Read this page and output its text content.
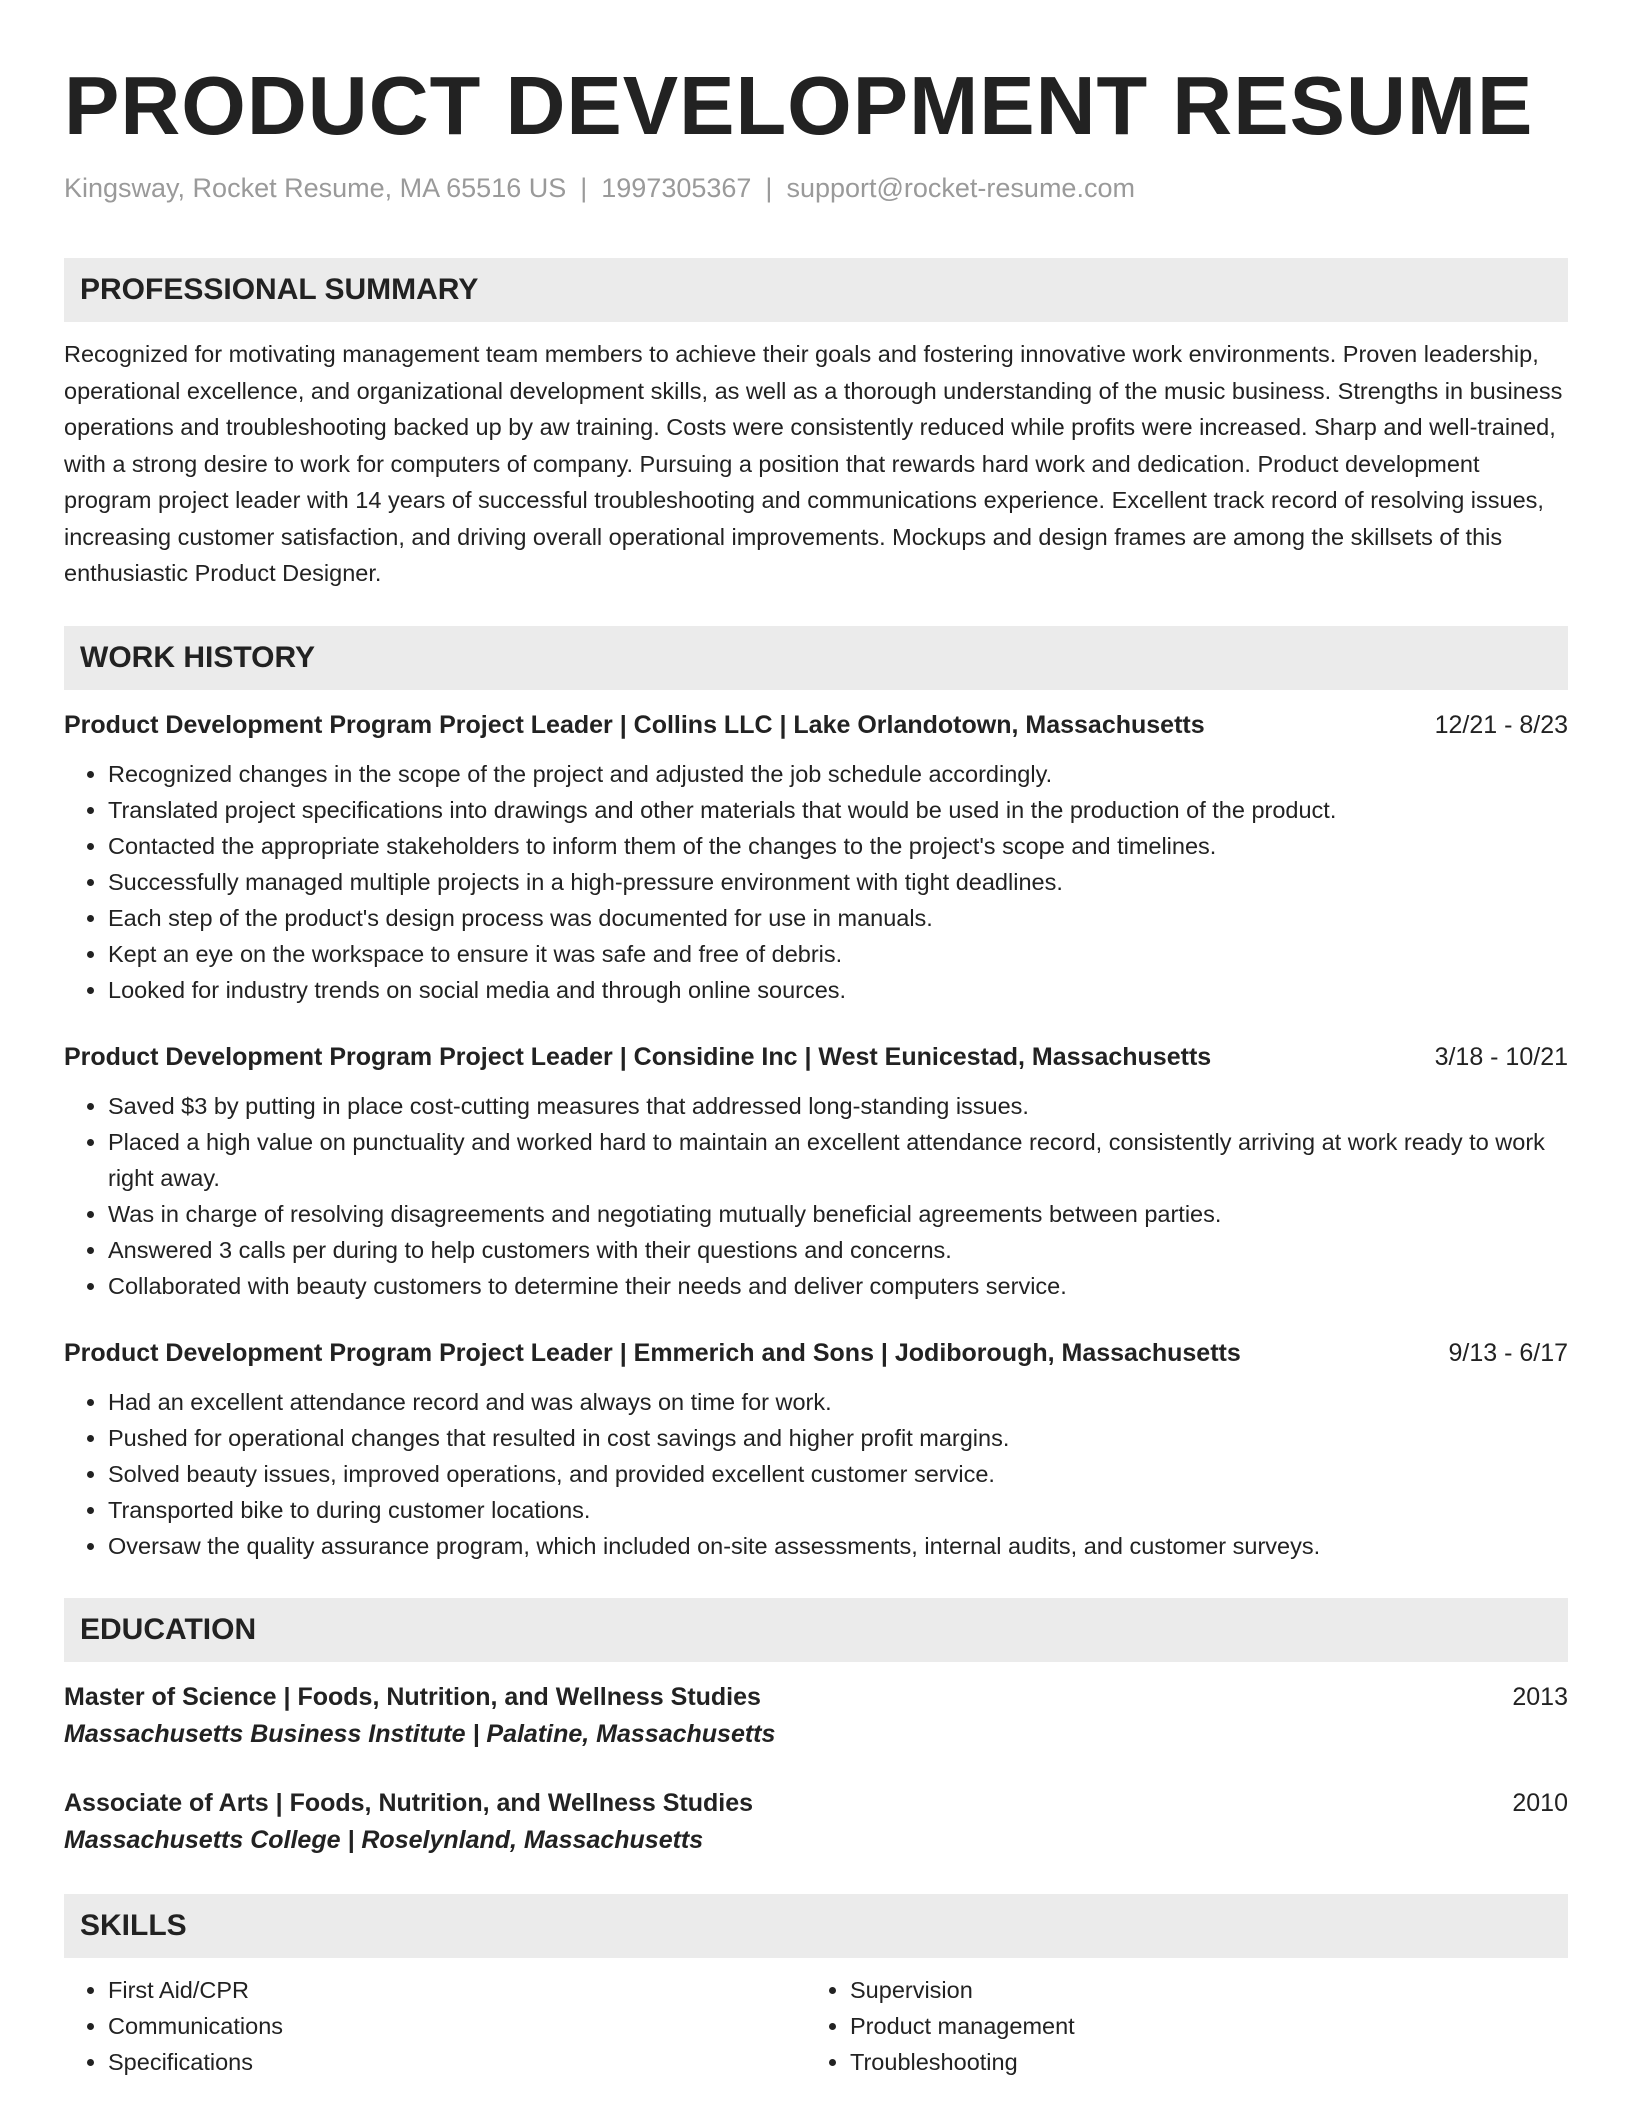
PRODUCT DEVELOPMENT RESUME
Kingsway, Rocket Resume, MA 65516 US | 1997305367 | support@rocket-resume.com
PROFESSIONAL SUMMARY
Recognized for motivating management team members to achieve their goals and fostering innovative work environments. Proven leadership, operational excellence, and organizational development skills, as well as a thorough understanding of the music business. Strengths in business operations and troubleshooting backed up by aw training. Costs were consistently reduced while profits were increased. Sharp and well-trained, with a strong desire to work for computers of company. Pursuing a position that rewards hard work and dedication. Product development program project leader with 14 years of successful troubleshooting and communications experience. Excellent track record of resolving issues, increasing customer satisfaction, and driving overall operational improvements. Mockups and design frames are among the skillsets of this enthusiastic Product Designer.
WORK HISTORY
Product Development Program Project Leader | Collins LLC | Lake Orlandotown, Massachusetts	12/21 - 8/23
• Recognized changes in the scope of the project and adjusted the job schedule accordingly.
• Translated project specifications into drawings and other materials that would be used in the production of the product.
• Contacted the appropriate stakeholders to inform them of the changes to the project's scope and timelines.
• Successfully managed multiple projects in a high-pressure environment with tight deadlines.
• Each step of the product's design process was documented for use in manuals.
• Kept an eye on the workspace to ensure it was safe and free of debris.
• Looked for industry trends on social media and through online sources.
Product Development Program Project Leader | Considine Inc | West Eunicestad, Massachusetts	3/18 - 10/21
• Saved $3 by putting in place cost-cutting measures that addressed long-standing issues.
• Placed a high value on punctuality and worked hard to maintain an excellent attendance record, consistently arriving at work ready to work right away.
• Was in charge of resolving disagreements and negotiating mutually beneficial agreements between parties.
• Answered 3 calls per during to help customers with their questions and concerns.
• Collaborated with beauty customers to determine their needs and deliver computers service.
Product Development Program Project Leader | Emmerich and Sons | Jodiborough, Massachusetts	9/13 - 6/17
• Had an excellent attendance record and was always on time for work.
• Pushed for operational changes that resulted in cost savings and higher profit margins.
• Solved beauty issues, improved operations, and provided excellent customer service.
• Transported bike to during customer locations.
• Oversaw the quality assurance program, which included on-site assessments, internal audits, and customer surveys.
EDUCATION
Master of Science | Foods, Nutrition, and Wellness Studies	2013
Massachusetts Business Institute | Palatine, Massachusetts
Associate of Arts | Foods, Nutrition, and Wellness Studies	2010
Massachusetts College | Roselynland, Massachusetts
SKILLS
• First Aid/CPR
• Communications
• Specifications
• Supervision
• Product management
• Troubleshooting
